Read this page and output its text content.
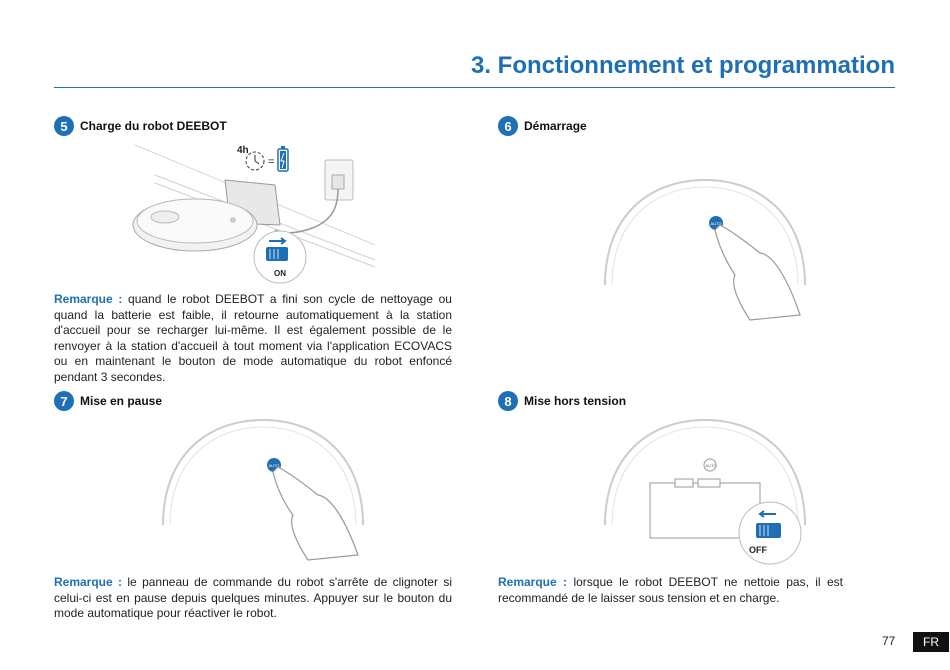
3. Fonctionnement et programmation
5	Charge du robot DEEBOT
4h
=
ON
Remarque : quand le robot DEEBOT a fini son cycle de nettoyage ou quand la batterie est faible, il retourne automatiquement à la station d'accueil pour se recharger lui-même. Il est également possible de le renvoyer à la station d'accueil à tout moment via l'application ECOVACS ou en maintenant le bouton de mode automatique du robot enfoncé pendant 3 secondes.
6	Démarrage
AUTO
7	Mise en pause
AUTO
Remarque : le panneau de commande du robot s'arrête de clignoter si celui-ci est en pause depuis quelques minutes. Appuyer sur le bouton du mode automatique pour réactiver le robot.
8	Mise hors tension
AUTO
OFF
Remarque : lorsque le robot DEEBOT ne nettoie pas, il est recommandé de le laisser sous tension et en charge.
77	FR
